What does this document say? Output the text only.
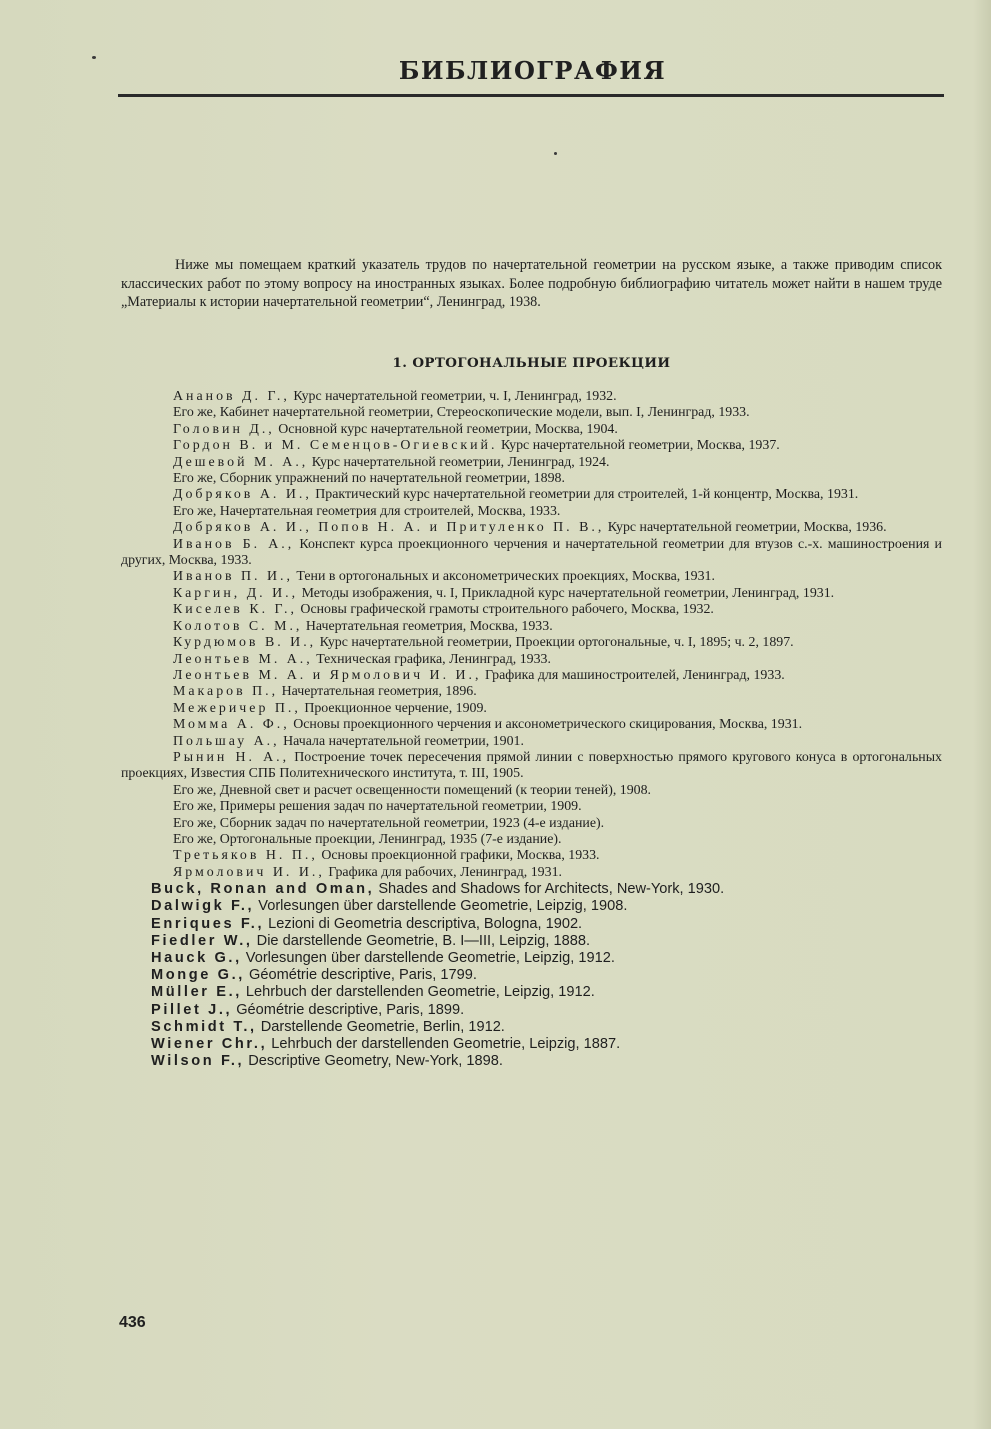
БИБЛИОГРАФИЯ

Ниже мы помещаем краткий указатель трудов по начертательной геометрии на русском языке, а также приводим список классических работ по этому вопросу на иностранных языках. Более подробную библиографию читатель может найти в нашем труде „Материалы к истории начертательной геометрии“, Ленинград, 1938.

1. ОРТОГОНАЛЬНЫЕ ПРОЕКЦИИ
Ананов Д. Г., Курс начертательной геометрии, ч. I, Ленинград, 1932.
Его же, Кабинет начертательной геометрии, Стереоскопические модели, вып. I, Ленинград, 1933.
Головин Д., Основной курс начертательной геометрии, Москва, 1904.
Гордон В. и М. Семенцов-Огиевский. Курс начертательной геометрии, Москва, 1937.
Дешевой М. А., Курс начертательной геометрии, Ленинград, 1924.
Его же, Сборник упражнений по начертательной геометрии, 1898.
Добряков А. И., Практический курс начертательной геометрии для строителей, 1-й концентр, Москва, 1931.
Его же, Начертательная геометрия для строителей, Москва, 1933.
Добряков А. И., Попов Н. А. и Притуленко П. В., Курс начертательной геометрии, Москва, 1936.
Иванов Б. А., Конспект курса проекционного черчения и начертательной геометрии для втузов с.-х. машиностроения и других, Москва, 1933.
Иванов П. И., Тени в ортогональных и аксонометрических проекциях, Москва, 1931.
Каргин, Д. И., Методы изображения, ч. I, Прикладной курс начертательной геометрии, Ленинград, 1931.
Киселев К. Г., Основы графической грамоты строительного рабочего, Москва, 1932.
Колотов С. М., Начертательная геометрия, Москва, 1933.
Курдюмов В. И., Курс начертательной геометрии, Проекции ортогональные, ч. I, 1895; ч. 2, 1897.
Леонтьев М. А., Техническая графика, Ленинград, 1933.
Леонтьев М. А. и Ярмолович И. И., Графика для машиностроителей, Ленинград, 1933.
Макаров П., Начертательная геометрия, 1896.
Межеричер П., Проекционное черчение, 1909.
Момма А. Ф., Основы проекционного черчения и аксонометрического скицирования, Москва, 1931.
Польшау А., Начала начертательной геометрии, 1901.
Рынин Н. А., Построение точек пересечения прямой линии с поверхностью прямого кругового конуса в ортогональных проекциях, Известия СПБ Политехнического института, т. III, 1905.
Его же, Дневной свет и расчет освещенности помещений (к теории теней), 1908.
Его же, Примеры решения задач по начертательной геометрии, 1909.
Его же, Сборник задач по начертательной геометрии, 1923 (4-е издание).
Его же, Ортогональные проекции, Ленинград, 1935 (7-е издание).
Третьяков Н. П., Основы проекционной графики, Москва, 1933.
Ярмолович И. И., Графика для рабочих, Ленинград, 1931.
Buck, Ronan and Oman, Shades and Shadows for Architects, New-York, 1930.
Dalwigk F., Vorlesungen über darstellende Geometrie, Leipzig, 1908.
Enriques F., Lezioni di Geometria descriptiva, Bologna, 1902.
Fiedler W., Die darstellende Geometrie, B. I—III, Leipzig, 1888.
Hauck G., Vorlesungen über darstellende Geometrie, Leipzig, 1912.
Monge G., Géométrie descriptive, Paris, 1799.
Müller E., Lehrbuch der darstellenden Geometrie, Leipzig, 1912.
Pillet J., Géométrie descriptive, Paris, 1899.
Schmidt T., Darstellende Geometrie, Berlin, 1912.
Wiener Chr., Lehrbuch der darstellenden Geometrie, Leipzig, 1887.
Wilson F., Descriptive Geometry, New-York, 1898.
436
